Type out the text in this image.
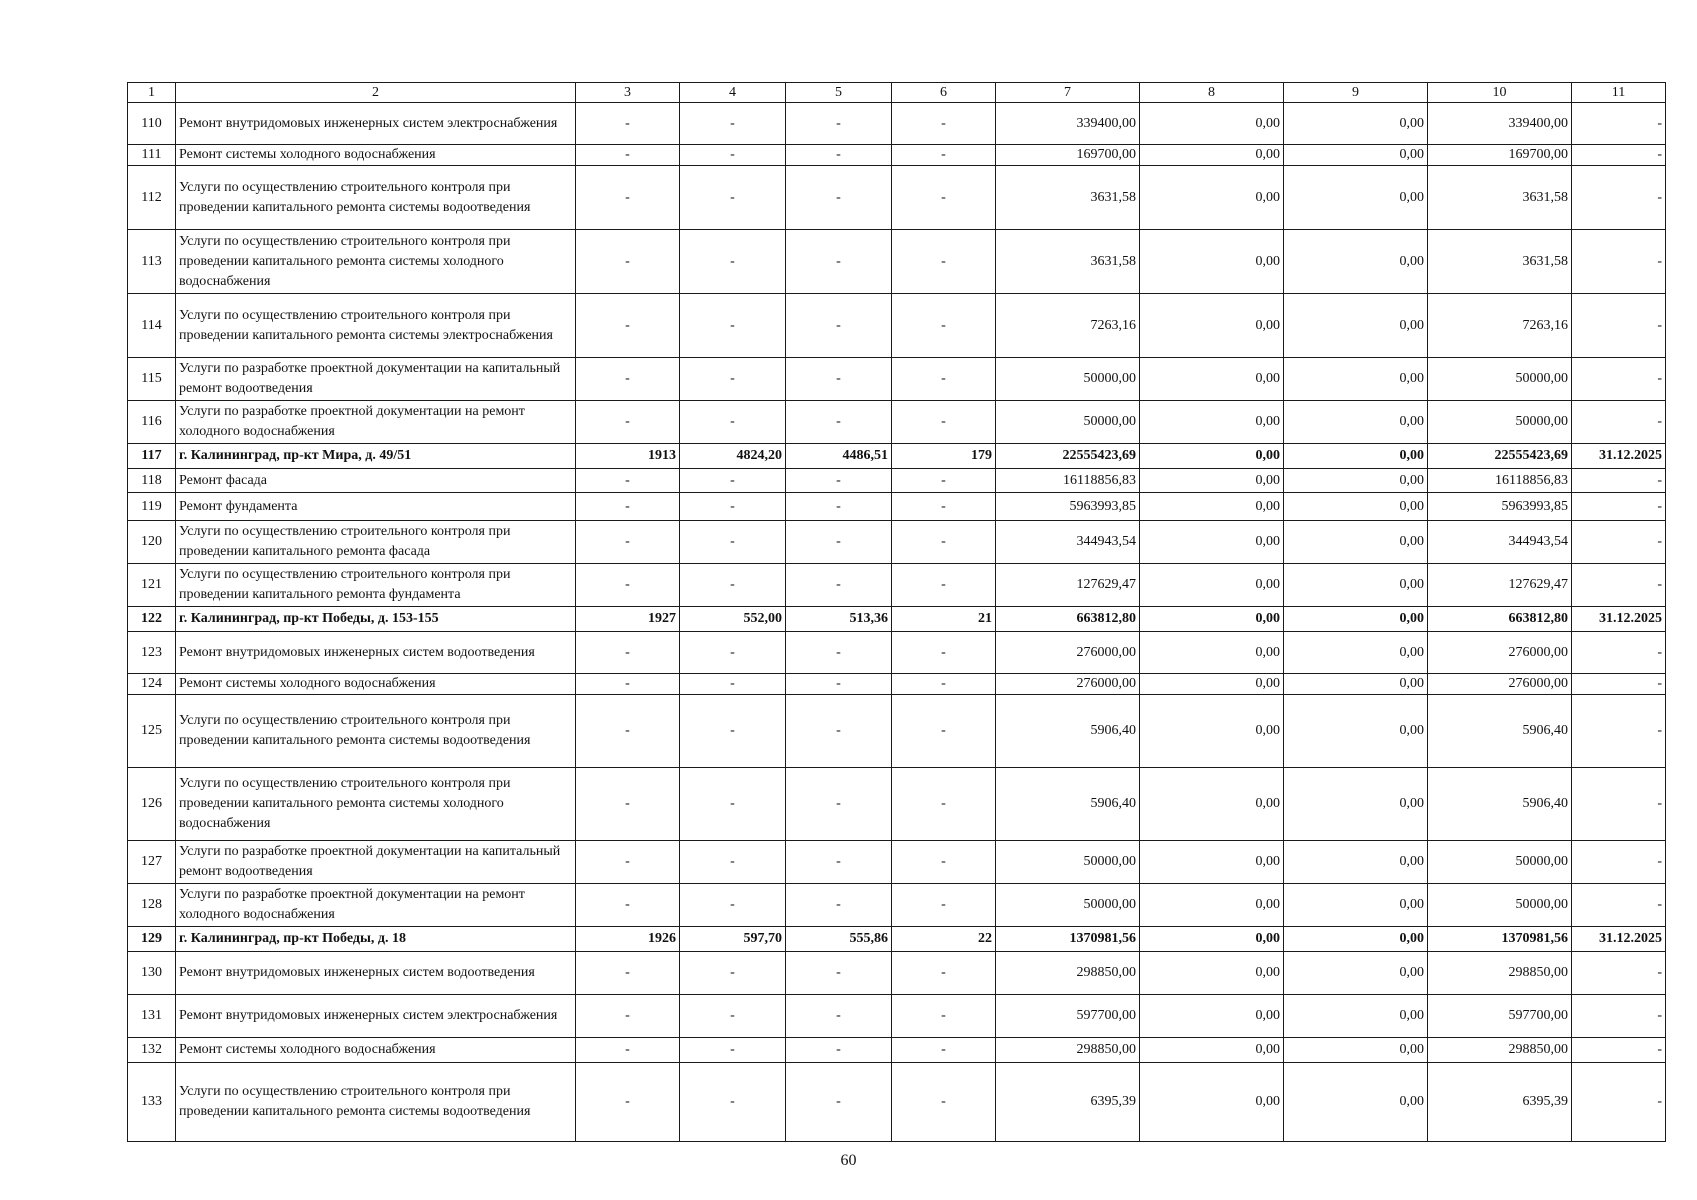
1	2	3	4	5	6	7	8	9	10	11
110	Ремонт внутридомовых инженерных систем электроснабжения	-	-	-	-	339400,00	0,00	0,00	339400,00	-
111	Ремонт системы холодного водоснабжения	-	-	-	-	169700,00	0,00	0,00	169700,00	-
112	Услуги по осуществлению строительного контроля при проведении капитального ремонта системы водоотведения	-	-	-	-	3631,58	0,00	0,00	3631,58	-
113	Услуги по осуществлению строительного контроля при проведении капитального ремонта системы холодного водоснабжения	-	-	-	-	3631,58	0,00	0,00	3631,58	-
114	Услуги по осуществлению строительного контроля при проведении капитального ремонта системы электроснабжения	-	-	-	-	7263,16	0,00	0,00	7263,16	-
115	Услуги по разработке проектной документации на капитальный ремонт водоотведения	-	-	-	-	50000,00	0,00	0,00	50000,00	-
116	Услуги по разработке проектной документации на ремонт холодного водоснабжения	-	-	-	-	50000,00	0,00	0,00	50000,00	-
117	г. Калининград, пр-кт Мира, д. 49/51	1913	4824,20	4486,51	179	22555423,69	0,00	0,00	22555423,69	31.12.2025
118	Ремонт фасада	-	-	-	-	16118856,83	0,00	0,00	16118856,83	-
119	Ремонт фундамента	-	-	-	-	5963993,85	0,00	0,00	5963993,85	-
120	Услуги по осуществлению строительного контроля при проведении капитального ремонта фасада	-	-	-	-	344943,54	0,00	0,00	344943,54	-
121	Услуги по осуществлению строительного контроля при проведении капитального ремонта фундамента	-	-	-	-	127629,47	0,00	0,00	127629,47	-
122	г. Калининград, пр-кт Победы, д. 153-155	1927	552,00	513,36	21	663812,80	0,00	0,00	663812,80	31.12.2025
123	Ремонт внутридомовых инженерных систем водоотведения	-	-	-	-	276000,00	0,00	0,00	276000,00	-
124	Ремонт системы холодного водоснабжения	-	-	-	-	276000,00	0,00	0,00	276000,00	-
125	Услуги по осуществлению строительного контроля при проведении капитального ремонта системы водоотведения	-	-	-	-	5906,40	0,00	0,00	5906,40	-
126	Услуги по осуществлению строительного контроля при проведении капитального ремонта системы холодного водоснабжения	-	-	-	-	5906,40	0,00	0,00	5906,40	-
127	Услуги по разработке проектной документации на капитальный ремонт водоотведения	-	-	-	-	50000,00	0,00	0,00	50000,00	-
128	Услуги по разработке проектной документации на ремонт холодного водоснабжения	-	-	-	-	50000,00	0,00	0,00	50000,00	-
129	г. Калининград, пр-кт Победы, д. 18	1926	597,70	555,86	22	1370981,56	0,00	0,00	1370981,56	31.12.2025
130	Ремонт внутридомовых инженерных систем водоотведения	-	-	-	-	298850,00	0,00	0,00	298850,00	-
131	Ремонт внутридомовых инженерных систем электроснабжения	-	-	-	-	597700,00	0,00	0,00	597700,00	-
132	Ремонт системы холодного водоснабжения	-	-	-	-	298850,00	0,00	0,00	298850,00	-
133	Услуги по осуществлению строительного контроля при проведении капитального ремонта системы водоотведения	-	-	-	-	6395,39	0,00	0,00	6395,39	-
60
